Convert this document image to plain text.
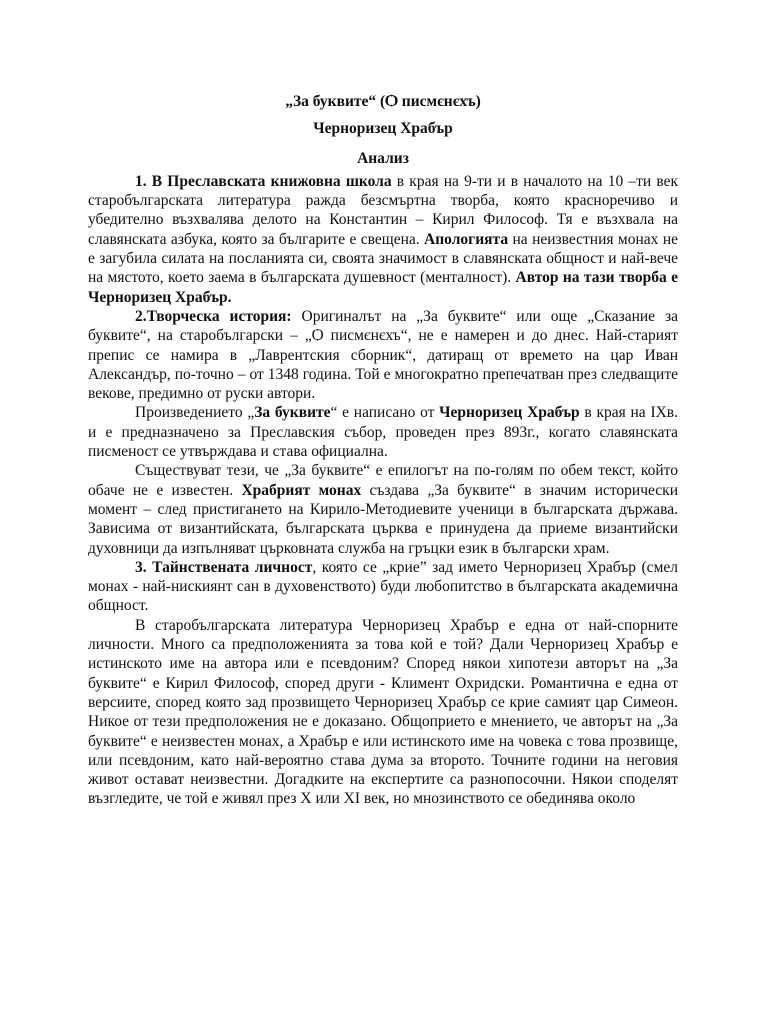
„За буквите“ (Ѻ писмєнєхъ)

Черноризец Храбър

Анализ

1. В Преславската книжовна школа в края на 9-ти и в началото на 10 –ти век старобългарската литература ражда безсмъртна творба, която красноречиво и убедително възхвалява делото на Константин – Кирил Философ. Тя е възхвала на славянската азбука, която за българите е свещена. Апологията на неизвестния монах не е загубила силата на посланията си, своята значимост в славянската общност и най-вече на мястото, което заема в българската душевност (менталност). Автор на тази творба е Черноризец Храбър.

2.Творческа история: Оригиналът на „За буквите“ или още „Сказание за буквите“, на старобългарски – „Ѻ писмєнєхъ“, не е намерен и до днес. Най-старият препис се намира в „Лаврентския сборник“, датиращ от времето на цар Иван Александър, по-точно – от 1348 година. Той е многократно препечатван през следващите векове, предимно от руски автори.

Произведението „За буквите“ е написано от Черноризец Храбър в края на IXв. и е предназначено за Преславския събор, проведен през 893г., когато славянската писменост се утвърждава и става официална.

Съществуват тези, че „За буквите“ е епилогът на по-голям по обем текст, който обаче не е известен. Храбрият монах създава „За буквите“ в значим исторически момент – след пристигането на Кирило-Методиевите ученици в българската държава. Зависима от византийската, българската църква е принудена да приеме византийски духовници да изпълняват църковната служба на гръцки език в български храм.

3. Тайнствената личност, която се „крие” зад името Черноризец Храбър (смел монах - най-нискиянт сан в духовенството) буди любопитство в българската академична общност.

В старобългарската литература Черноризец Храбър е една от най-спорните личности. Много са предположенията за това кой е той? Дали Черноризец Храбър е истинското име на автора или е псевдоним? Според някои хипотези авторът на „За буквите“ е Кирил Философ, според други - Климент Охридски. Романтична е една от версиите, според която зад прозвището Черноризец Храбър се крие самият цар Симеон. Никое от тези предположения не е доказано. Общоприето е мнението, че авторът на „За буквите“ е неизвестен монах, а Храбър е или истинското име на човека с това прозвище, или псевдоним, като най-вероятно става дума за второто. Точните години на неговия живот остават неизвестни. Догадките на експертите са разнопосочни. Някои споделят възгледите, че той е живял през X или XI век, но мнозинството се обединява около
